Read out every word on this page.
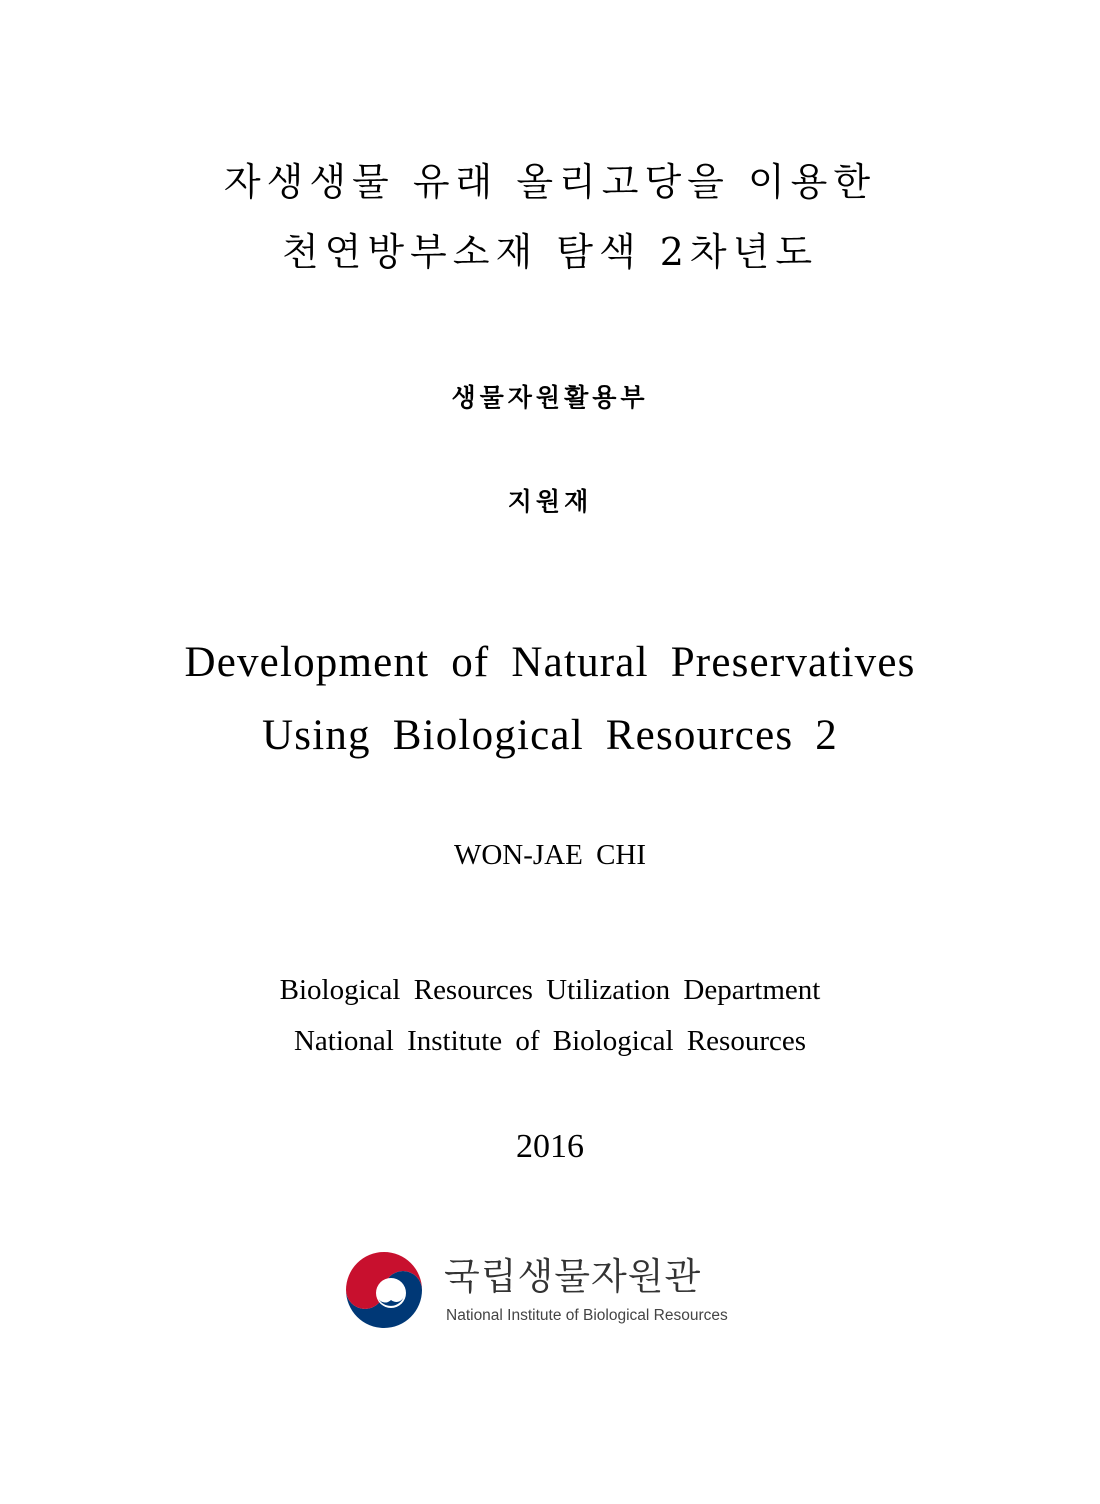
자생생물 유래 올리고당을 이용한
천연방부소재 탐색 2차년도
생물자원활용부
지원재
Development of Natural Preservatives
Using Biological Resources 2
WON-JAE CHI
Biological Resources Utilization Department
National Institute of Biological Resources
2016
국립생물자원관
National Institute of Biological Resources
